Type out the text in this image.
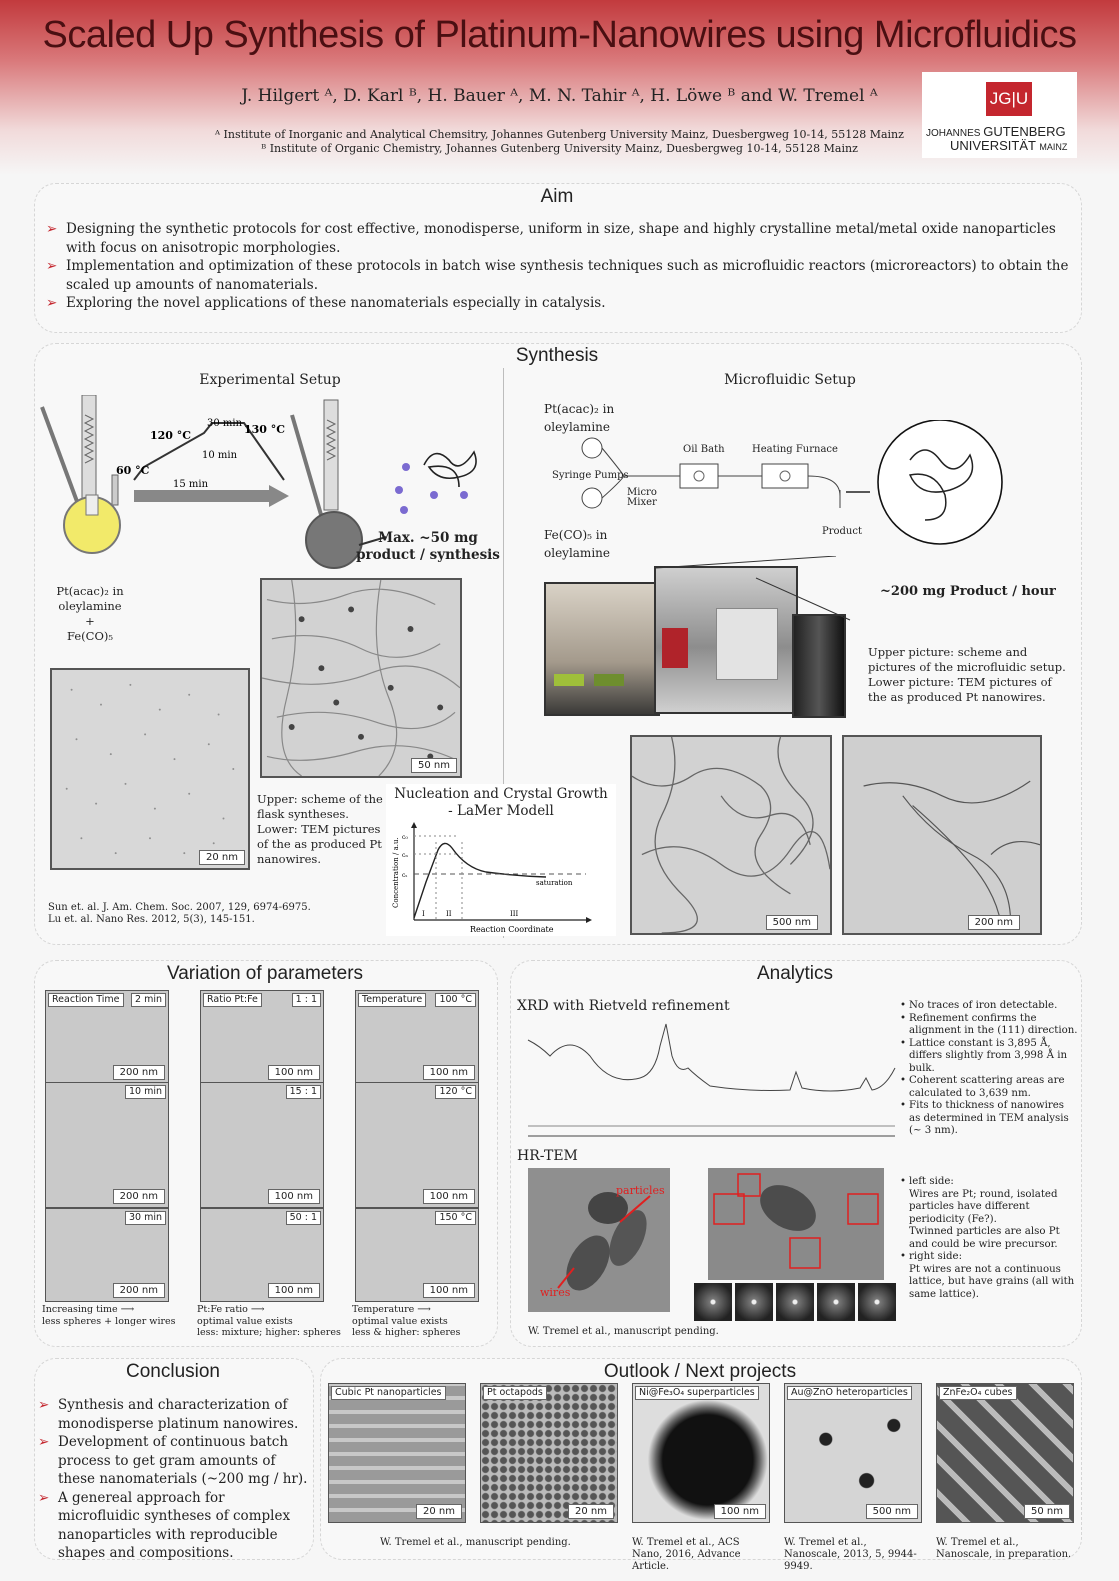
Scaled Up Synthesis of Platinum-Nanowires using Microfluidics
J. Hilgert ᴬ, D. Karl ᴮ, H. Bauer ᴬ, M. N. Tahir ᴬ, H. Löwe ᴮ and W. Tremel ᴬ
ᴬ Institute of Inorganic and Analytical Chemsitry, Johannes Gutenberg University Mainz, Duesbergweg 10-14, 55128 Mainz
ᴮ Institute of Organic Chemistry, Johannes Gutenberg University Mainz, Duesbergweg 10-14, 55128 Mainz
JG|U
JOHANNES GUTENBERG
UNIVERSITÄT MAINZ
Aim
➢ Designing the synthetic protocols for cost effective, monodisperse, uniform in size, shape and highly crystalline metal/metal oxide nanoparticles with focus on anisotropic morphologies.
➢ Implementation and optimization of these protocols in batch wise synthesis techniques such as microfluidic reactors (microreactors) to obtain the scaled up amounts of nanomaterials.
➢ Exploring the novel applications of these nanomaterials especially in catalysis.
Synthesis
Experimental Setup
120 °C	130 °C
60 °C
30 min
10 min
15 min
Max. ~50 mg
product / synthesis
Pt(acac)₂ in
oleylamine
+
Fe(CO)₅
50 nm
20 nm
Upper: scheme of the
flask syntheses.
Lower: TEM pictures
of the as produced Pt
nanowires.
Sun et. al. J. Am. Chem. Soc. 2007, 129, 6974-6975.
Lu et. al. Nano Res. 2012, 5(3), 145-151.
Nucleation and Crystal Growth
- LaMer Modell
c₀
cₙ
cₛ
I	II	III
saturation
Reaction Coordinate
Concentration / a.u.
Microfluidic Setup
Pt(acac)₂ in
oleylamine
Fe(CO)₅ in
oleylamine
Syringe Pumps
Micro
Mixer
Oil Bath	Heating Furnace
Product
~200 mg Product / hour
Upper picture: scheme and
pictures of the microfluidic setup.
Lower picture: TEM pictures of
the as produced Pt nanowires.
500 nm	200 nm
Variation of parameters
Reaction Time	2 min
200 nm
10 min
200 nm
30 min
200 nm
Increasing time ⟶
less spheres + longer wires
Ratio Pt:Fe	1 : 1
100 nm
15 : 1
100 nm
50 : 1
100 nm
Pt:Fe ratio ⟶
optimal value exists
less: mixture; higher: spheres
Temperature	100 °C
100 nm
120 °C
100 nm
150 °C
100 nm
Temperature ⟶
optimal value exists
less & higher: spheres
Analytics
XRD with Rietveld refinement	• No traces of iron detectable.
• Refinement confirms the alignment in the (111) direction.
• Lattice constant is 3,895 Å, differs slightly from 3,998 Å in bulk.
• Coherent scattering areas are calculated to 3,639 nm.
• Fits to thickness of nanowires as determined in TEM analysis (~ 3 nm).
HR-TEM
particles
wires
• left side:
Wires are Pt; round, isolated particles have different periodicity (Fe?).
Twinned particles are also Pt and could be wire precursor.
• right side:
Pt wires are not a continuous lattice, but have grains (all with same lattice).
W. Tremel et al., manuscript pending.
Conclusion
➢ Synthesis and characterization of monodisperse platinum nanowires.
➢ Development of continuous batch process to get gram amounts of these nanomaterials (~200 mg / hr).
➢ A genereal approach for microfluidic syntheses of complex nanoparticles with reproducible shapes and compositions.
Outlook / Next projects
Cubic Pt nanoparticles
20 nm
Pt octapods
20 nm
Ni@Fe₃O₄ superparticles
100 nm
Au@ZnO heteroparticles
500 nm
ZnFe₂O₄ cubes
50 nm
W. Tremel et al., manuscript pending.	W. Tremel et al., ACS Nano, 2016, Advance Article.
W. Tremel et al., Nanoscale, 2013, 5, 9944-9949.
W. Tremel et al., Nanoscale, in preparation.
